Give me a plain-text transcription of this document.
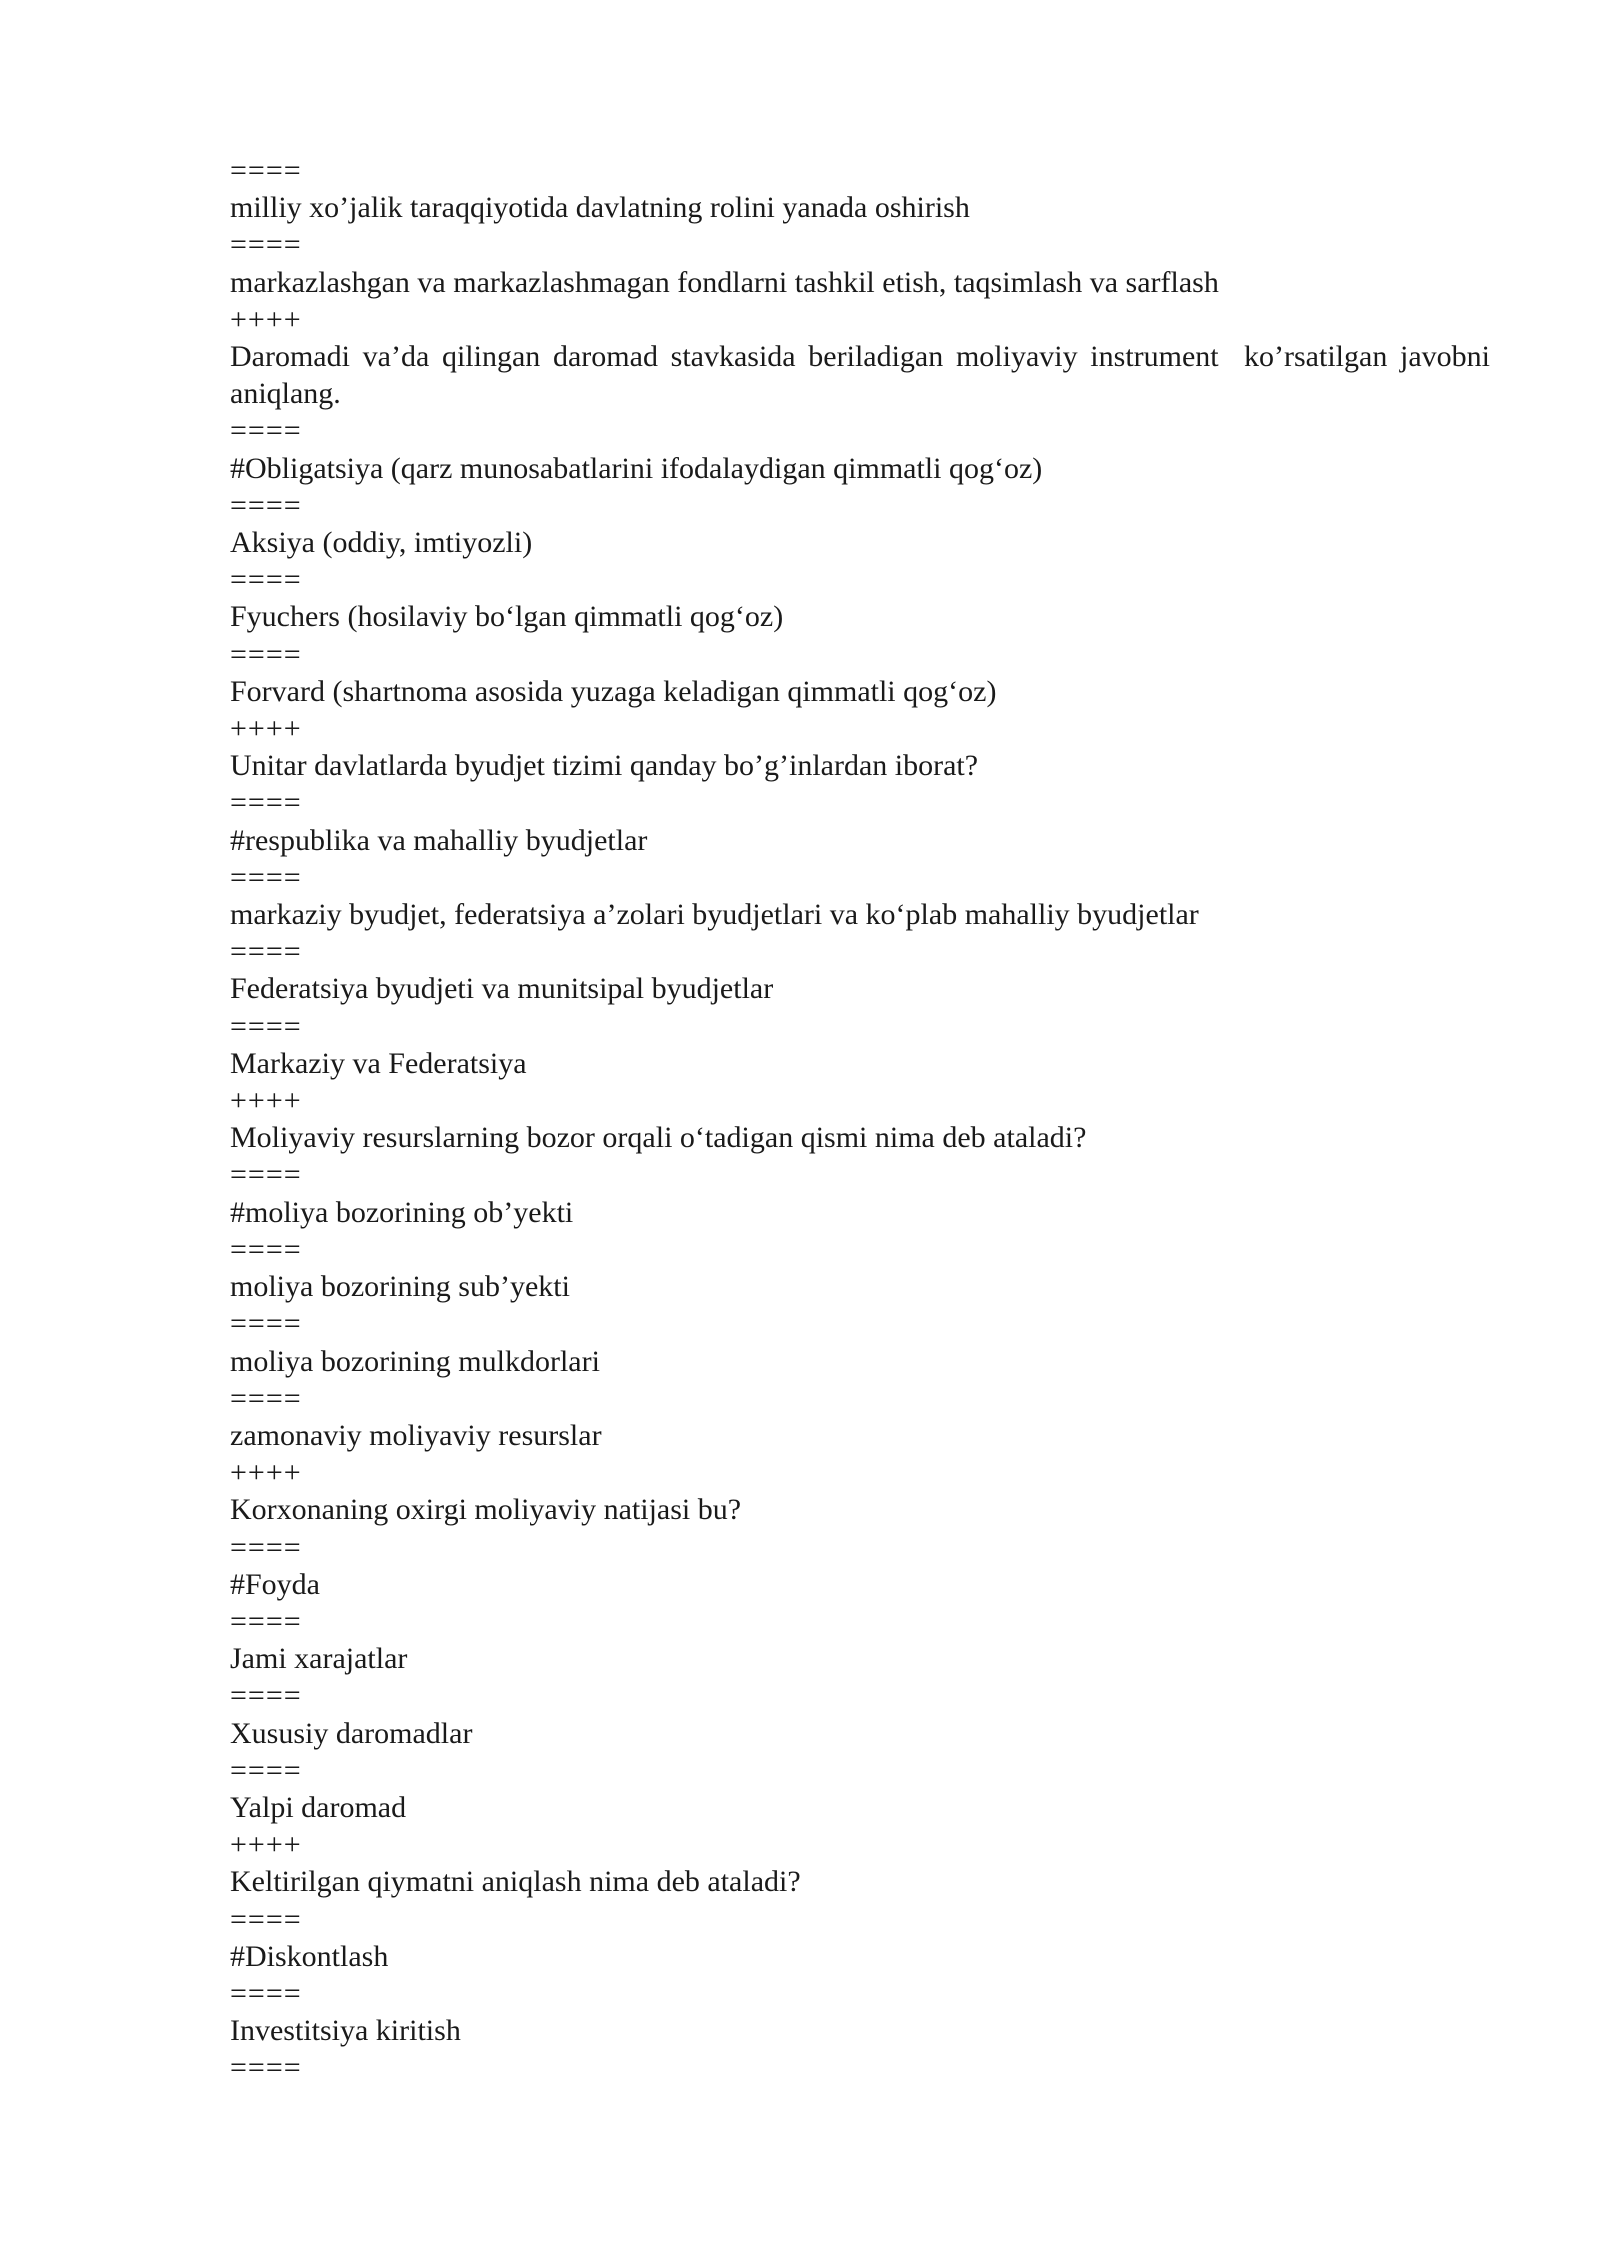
====

milliy xo’jalik taraqqiyotida davlatning rolini yanada oshirish

====

markazlashgan va markazlashmagan fondlarni tashkil etish, taqsimlash va sarflash

++++

Daromadi va’da qilingan daromad stavkasida beriladigan moliyaviy instrument  ko’rsatilgan javobni aniqlang.

====

#Obligatsiya (qarz munosabatlarini ifodalaydigan qimmatli qog‘oz)

====

Aksiya (oddiy, imtiyozli)

====

Fyuchers (hosilaviy bo‘lgan qimmatli qog‘oz)

====

Forvard (shartnoma asosida yuzaga keladigan qimmatli qog‘oz)

++++

Unitar davlatlarda byudjet tizimi qanday bo’g’inlardan iborat?

====

#respublika va mahalliy byudjetlar

====

markaziy byudjet, federatsiya a’zolari byudjetlari va ko‘plab mahalliy byudjetlar

====

Federatsiya byudjeti va munitsipal byudjetlar

====

Markaziy va Federatsiya

++++

Moliyaviy resurslarning bozor orqali o‘tadigan qismi nima deb ataladi?

====

#moliya bozorining ob’yekti

====

moliya bozorining sub’yekti

====

moliya bozorining mulkdorlari

====

zamonaviy moliyaviy resurslar

++++

Korxonaning oxirgi moliyaviy natijasi bu?

====

#Foyda

====

Jami xarajatlar

====

Xususiy daromadlar

====

Yalpi daromad

++++

Keltirilgan qiymatni aniqlash nima deb ataladi?

====

#Diskontlash

====

Investitsiya kiritish

====
